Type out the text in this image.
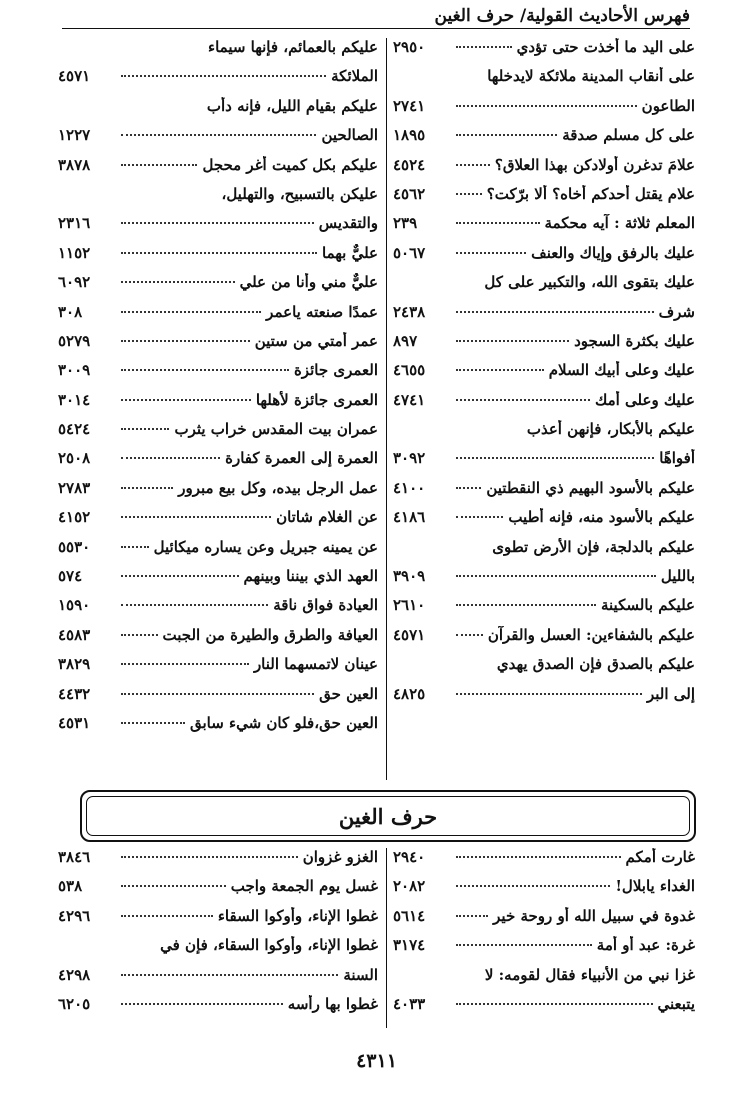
فهرس الأحاديث القولية/ حرف الغين
على اليد ما أخذت حتى تؤدي
٢٩٥٠
على أنقاب المدينة ملائكة لايدخلها
الطاعون
٢٧٤١
على كل مسلم صدقة
١٨٩٥
علامَ تدغرن أولادكن بهذا العلاق؟
٤٥٢٤
علام يقتل أحدكم أخاه؟ ألا برّكت؟
٤٥٦٢
المعلم ثلاثة : آيه محكمة
٢٣٩
عليك بالرفق وإياك والعنف
٥٠٦٧
عليك بتقوى الله، والتكبير على كل
شرف
٢٤٣٨
عليك بكثرة السجود
٨٩٧
عليك وعلى أبيك السلام
٤٦٥٥
عليك وعلى أمك
٤٧٤١
عليكم بالأبكار، فإنهن أعذب
أفواهًا
٣٠٩٢
عليكم بالأسود البهيم ذي النقطتين
٤١٠٠
عليكم بالأسود منه، فإنه أطيب
٤١٨٦
عليكم بالدلجة، فإن الأرض تطوى
بالليل
٣٩٠٩
عليكم بالسكينة
٢٦١٠
عليكم بالشفاءين: العسل والقرآن
٤٥٧١
عليكم بالصدق فإن الصدق يهدي
إلى البر
٤٨٢٥
عليكم بالعمائم، فإنها سيماء
الملائكة
٤٥٧١
عليكم بقيام الليل، فإنه دأب
الصالحين
١٢٢٧
عليكم بكل كميت أغر محجل
٣٨٧٨
عليكن بالتسبيح، والتهليل،
والتقديس
٢٣١٦
عليٌّ بهما
١١٥٢
عليٌّ مني وأنا من علي
٦٠٩٢
عمدًا صنعته ياعمر
٣٠٨
عمر أمتي من ستين
٥٢٧٩
العمرى جائزة
٣٠٠٩
العمرى جائزة لأهلها
٣٠١٤
عمران بيت المقدس خراب يثرب
٥٤٢٤
العمرة إلى العمرة كفارة
٢٥٠٨
عمل الرجل بيده، وكل بيع مبرور
٢٧٨٣
عن الغلام شاتان
٤١٥٢
عن يمينه جبريل وعن يساره ميكائيل
٥٥٣٠
العهد الذي بيننا وبينهم
٥٧٤
العيادة فواق ناقة
١٥٩٠
العيافة والطرق والطيرة من الجبت
٤٥٨٣
عينان لاتمسهما النار
٣٨٢٩
العين حق
٤٤٣٢
العين حق،فلو كان شيء سابق
٤٥٣١
حرف الغين
غارت أمكم
٢٩٤٠
الغداء يابلال!
٢٠٨٢
غدوة في سبيل الله أو روحة خير
٥٦١٤
غرة: عبد أو أمة
٣١٧٤
غزا نبي من الأنبياء فقال لقومه: لا
يتبعني
٤٠٣٣
الغزو غزوان
٣٨٤٦
غسل يوم الجمعة واجب
٥٣٨
غطوا الإناء، وأوكوا السقاء
٤٢٩٦
غطوا الإناء، وأوكوا السقاء، فإن في
السنة
٤٢٩٨
غطوا بها رأسه
٦٢٠٥
٤٣١١
